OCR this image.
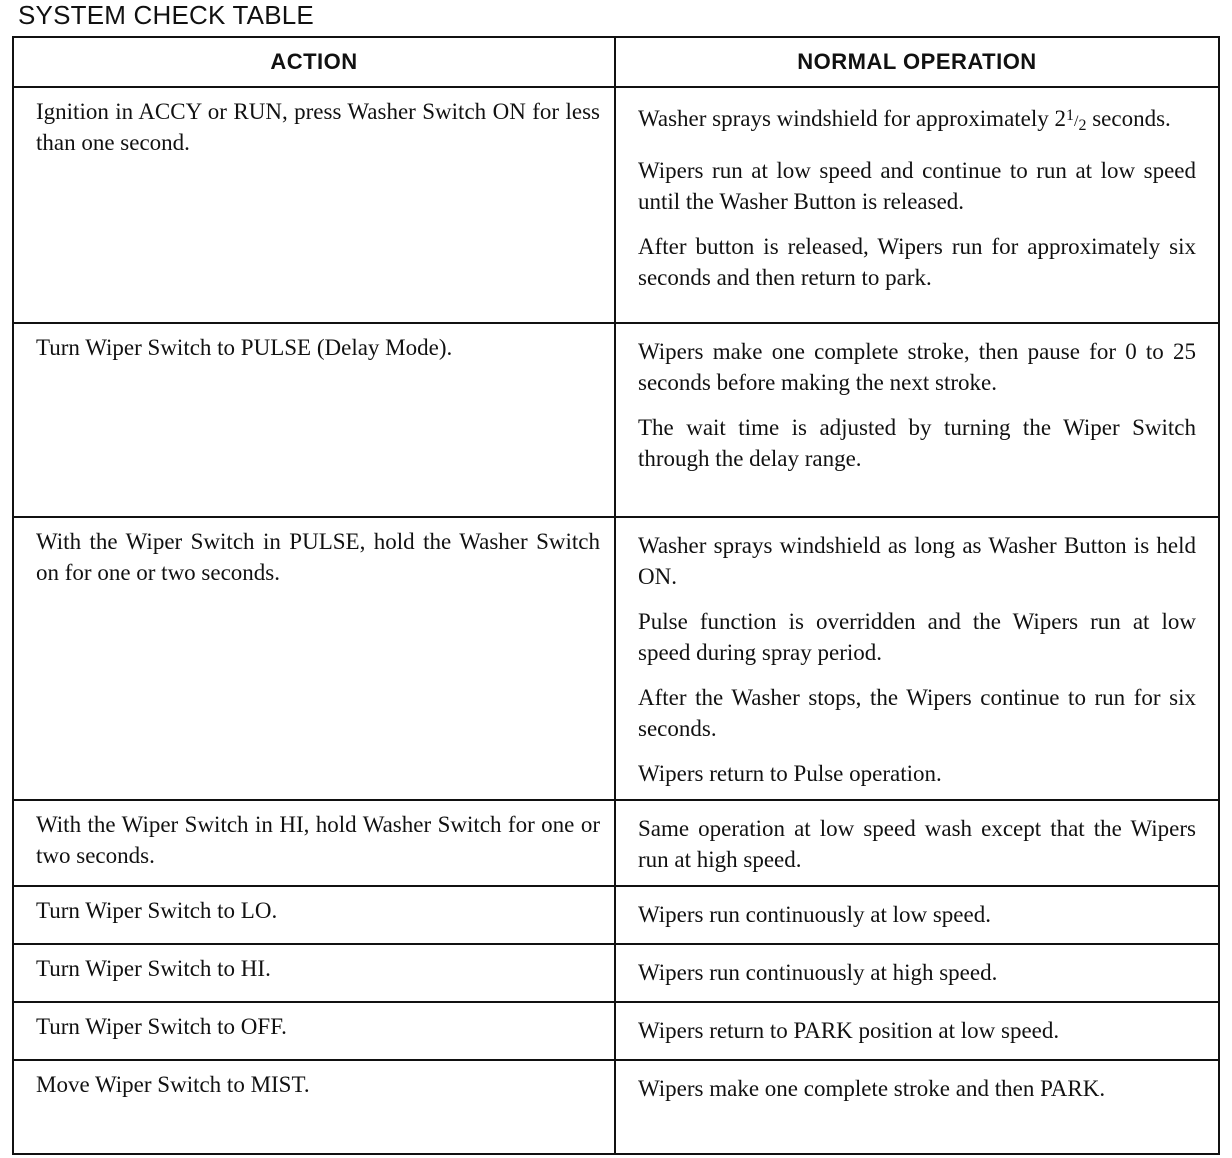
SYSTEM CHECK TABLE
ACTION	NORMAL OPERATION

Ignition in ACCY or RUN, press Washer Switch ON for less than one second.	Washer sprays windshield for approximately 21/2 seconds.

Wipers run at low speed and continue to run at low speed until the Washer Button is released.

After button is released, Wipers run for approximately six seconds and then return to park.

Turn Wiper Switch to PULSE (Delay Mode).	Wipers make one complete stroke, then pause for 0 to 25 seconds before making the next stroke.

The wait time is adjusted by turning the Wiper Switch through the delay range.

With the Wiper Switch in PULSE, hold the Washer Switch on for one or two seconds.	Washer sprays windshield as long as Washer Button is held ON.

Pulse function is overridden and the Wipers run at low speed during spray period.

After the Washer stops, the Wipers continue to run for six seconds.

Wipers return to Pulse operation.

With the Wiper Switch in HI, hold Washer Switch for one or two seconds.	Same operation at low speed wash except that the Wipers run at high speed.

Turn Wiper Switch to LO.	Wipers run continuously at low speed.

Turn Wiper Switch to HI.	Wipers run continuously at high speed.

Turn Wiper Switch to OFF.	Wipers return to PARK position at low speed.

Move Wiper Switch to MIST.	Wipers make one complete stroke and then PARK.
